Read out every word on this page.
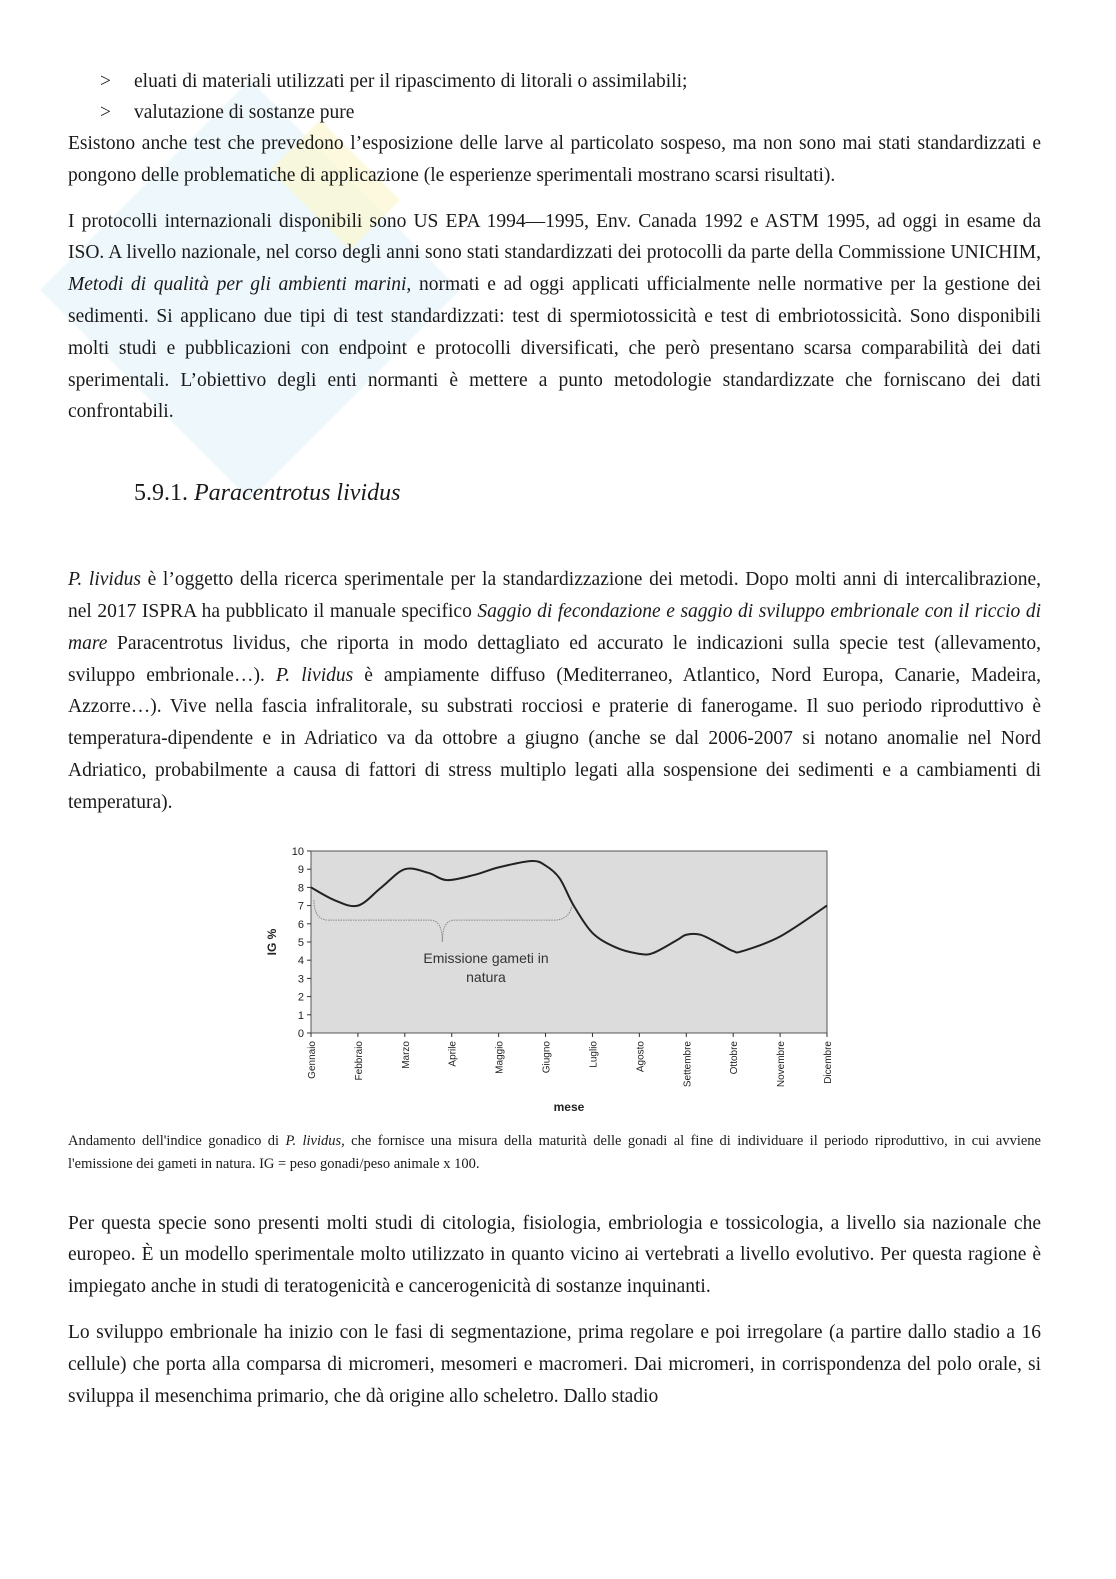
> eluati di materiali utilizzati per il ripascimento di litorali o assimilabili;
> valutazione di sostanze pure

Esistono anche test che prevedono l’esposizione delle larve al particolato sospeso, ma non sono mai stati standardizzati e pongono delle problematiche di applicazione (le esperienze sperimentali mostrano scarsi risultati).

I protocolli internazionali disponibili sono US EPA 1994—1995, Env. Canada 1992 e ASTM 1995, ad oggi in esame da ISO. A livello nazionale, nel corso degli anni sono stati standardizzati dei protocolli da parte della Commissione UNICHIM, Metodi di qualità per gli ambienti marini, normati e ad oggi applicati ufficialmente nelle normative per la gestione dei sedimenti. Si applicano due tipi di test standardizzati: test di spermiotossicità e test di embriotossicità. Sono disponibili molti studi e pubblicazioni con endpoint e protocolli diversificati, che però presentano scarsa comparabilità dei dati sperimentali. L’obiettivo degli enti normanti è mettere a punto metodologie standardizzate che forniscano dei dati confrontabili.

5.9.1. Paracentrotus lividus

P. lividus è l’oggetto della ricerca sperimentale per la standardizzazione dei metodi. Dopo molti anni di intercalibrazione, nel 2017 ISPRA ha pubblicato il manuale specifico Saggio di fecondazione e saggio di sviluppo embrionale con il riccio di mare Paracentrotus lividus, che riporta in modo dettagliato ed accurato le indicazioni sulla specie test (allevamento, sviluppo embrionale…). P. lividus è ampiamente diffuso (Mediterraneo, Atlantico, Nord Europa, Canarie, Madeira, Azzorre…). Vive nella fascia infralitorale, su substrati rocciosi e praterie di fanerogame. Il suo periodo riproduttivo è temperatura-dipendente e in Adriatico va da ottobre a giugno (anche se dal 2006-2007 si notano anomalie nel Nord Adriatico, probabilmente a causa di fattori di stress multiplo legati alla sospensione dei sedimenti e a cambiamenti di temperatura).

0
1
2
3
4
5
6
7
8
9
10
Gennaio	Febbraio	Marzo	Aprile	Maggio	Giugno	Luglio	Agosto	Settembre	Ottobre	Novembre	Dicembre
mese
IG %
Emissione gameti in
natura

Andamento dell'indice gonadico di P. lividus, che fornisce una misura della maturità delle gonadi al fine di individuare il periodo riproduttivo, in cui avviene l'emissione dei gameti in natura. IG = peso gonadi/peso animale x 100.

Per questa specie sono presenti molti studi di citologia, fisiologia, embriologia e tossicologia, a livello sia nazionale che europeo. È un modello sperimentale molto utilizzato in quanto vicino ai vertebrati a livello evolutivo. Per questa ragione è impiegato anche in studi di teratogenicità e cancerogenicità di sostanze inquinanti.

Lo sviluppo embrionale ha inizio con le fasi di segmentazione, prima regolare e poi irregolare (a partire dallo stadio a 16 cellule) che porta alla comparsa di micromeri, mesomeri e macromeri. Dai micromeri, in corrispondenza del polo orale, si sviluppa il mesenchima primario, che dà origine allo scheletro. Dallo stadio
